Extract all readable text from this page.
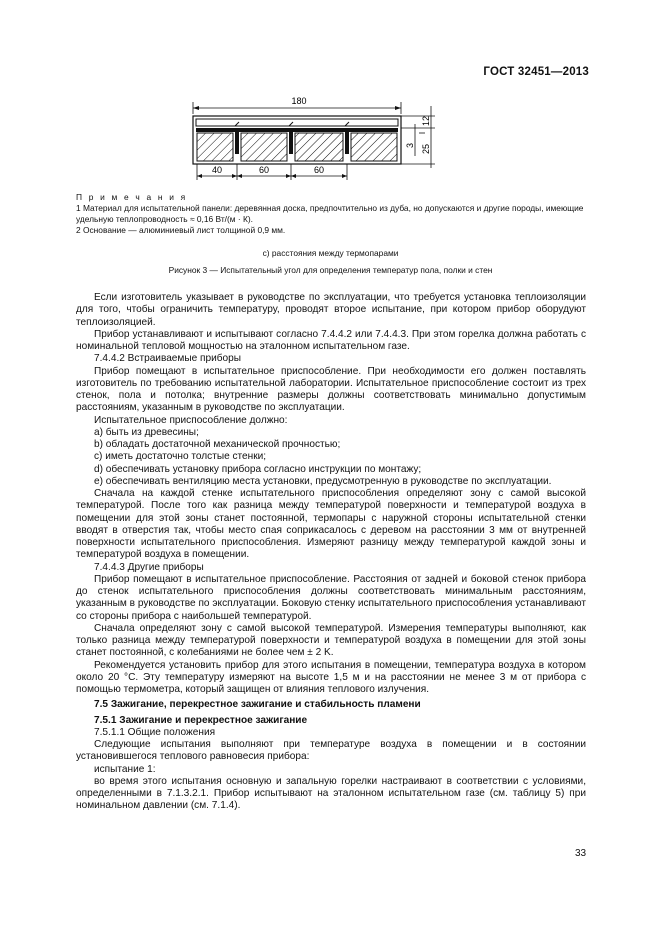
ГОСТ 32451—2013
180
40	60	60
12
3 25
П р и м е ч а н и я
1 Материал для испытательной панели: деревянная доска, предпочтительно из дуба, но допускаются и другие породы, имеющие удельную теплопроводность ≈ 0,16 Вт/(м · К).
2 Основание — алюминиевый лист толщиной 0,9 мм.
с) расстояния между термопарами
Рисунок 3 — Испытательный угол для определения температур пола, полки и стен

Если изготовитель указывает в руководстве по эксплуатации, что требуется установка теплоизоляции для того, чтобы ограничить температуру, проводят второе испытание, при котором прибор оборудуют теплоизоляцией.

Прибор устанавливают и испытывают согласно 7.4.4.2 или 7.4.4.3. При этом горелка должна работать с номинальной тепловой мощностью на эталонном испытательном газе.

7.4.4.2 Встраиваемые приборы

Прибор помещают в испытательное приспособление. При необходимости его должен поставлять изготовитель по требованию испытательной лаборатории. Испытательное приспособление состоит из трех стенок, пола и потолка; внутренние размеры должны соответствовать минимально допустимым расстояниям, указанным в руководстве по эксплуатации.

Испытательное приспособление должно:

a) быть из древесины;

b) обладать достаточной механической прочностью;

c) иметь достаточно толстые стенки;

d) обеспечивать установку прибора согласно инструкции по монтажу;

e) обеспечивать вентиляцию места установки, предусмотренную в руководстве по эксплуатации.

Сначала на каждой стенке испытательного приспособления определяют зону с самой высокой температурой. После того как разница между температурой поверхности и температурой воздуха в помещении для этой зоны станет постоянной, термопары с наружной стороны испытательной стенки вводят в отверстия так, чтобы место спая соприкасалось с деревом на расстоянии 3 мм от внутренней поверхности испытательного приспособления. Измеряют разницу между температурой каждой зоны и температурой воздуха в помещении.

7.4.4.3 Другие приборы

Прибор помещают в испытательное приспособление. Расстояния от задней и боковой стенок прибора до стенок испытательного приспособления должны соответствовать минимальным расстояниям, указанным в руководстве по эксплуатации. Боковую стенку испытательного приспособления устанавливают со стороны прибора с наибольшей температурой.

Сначала определяют зону с самой высокой температурой. Измерения температуры выполняют, как только разница между температурой поверхности и температурой воздуха в помещении для этой зоны станет постоянной, с колебаниями не более чем ± 2 K.

Рекомендуется установить прибор для этого испытания в помещении, температура воздуха в котором около 20 °С. Эту температуру измеряют на высоте 1,5 м и на расстоянии не менее 3 м от прибора с помощью термометра, который защищен от влияния теплового излучения.

7.5 Зажигание, перекрестное зажигание и стабильность пламени

7.5.1 Зажигание и перекрестное зажигание

7.5.1.1 Общие положения

Следующие испытания выполняют при температуре воздуха в помещении и в состоянии установившегося теплового равновесия прибора:

испытание 1:

во время этого испытания основную и запальную горелки настраивают в соответствии с условиями, определенными в 7.1.3.2.1. Прибор испытывают на эталонном испытательном газе (см. таблицу 5) при номинальном давлении (см. 7.1.4).

33
